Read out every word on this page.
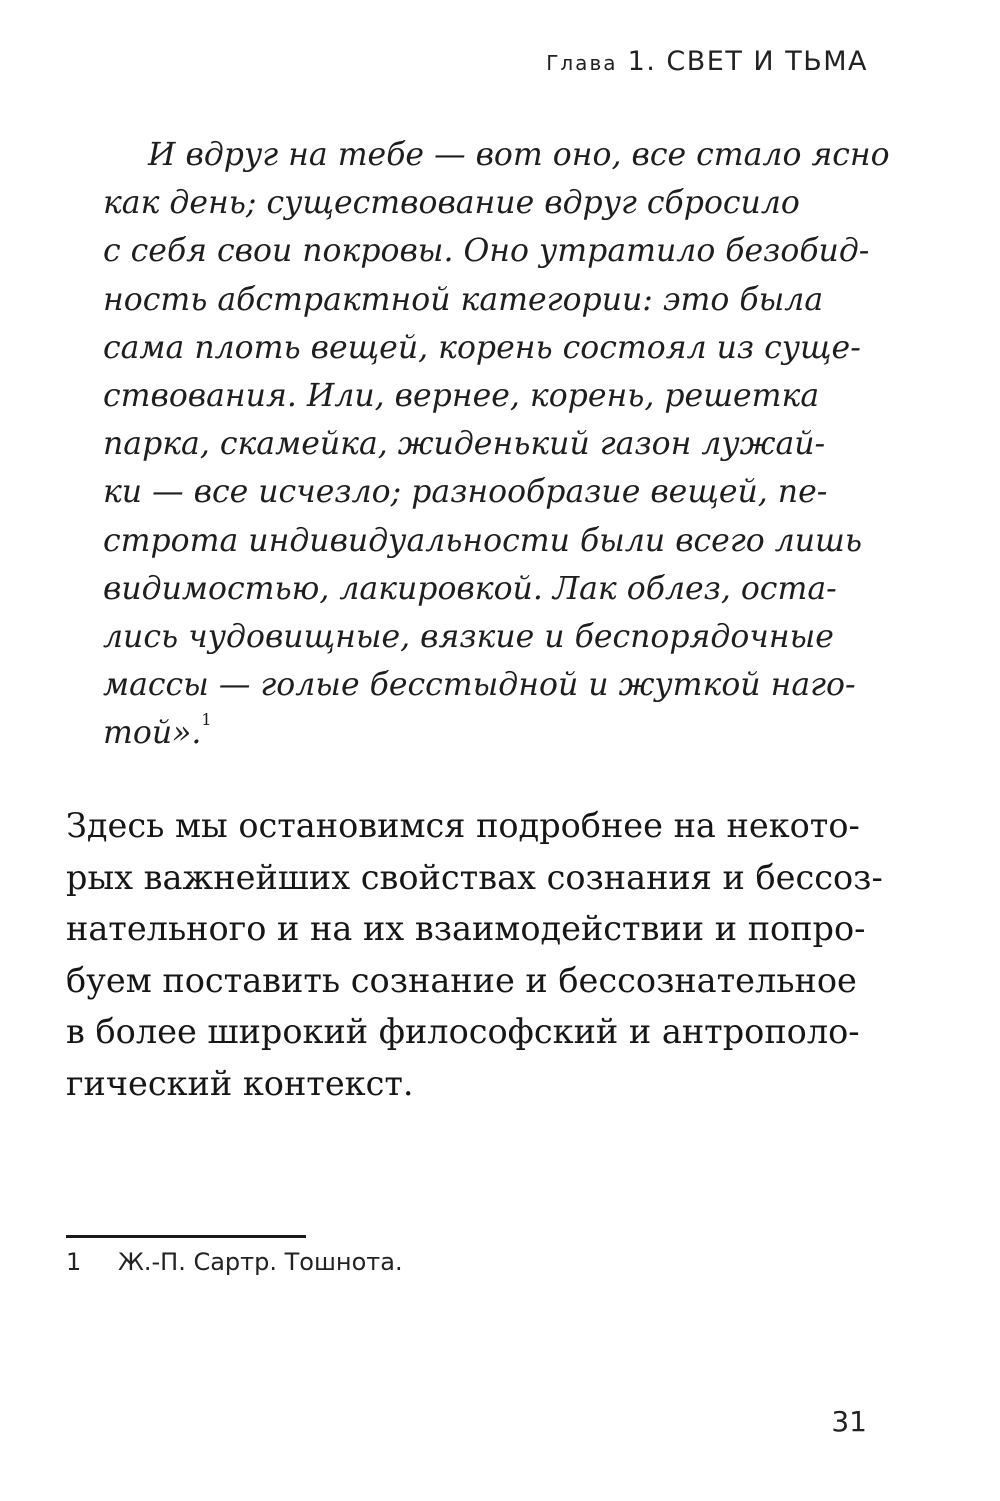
Глава 1. СВЕТ И ТЬМА
И вдруг на тебе — вот оно, все стало ясно
как день; существование вдруг сбросило
с себя свои покровы. Оно утратило безобид-
ность абстрактной категории: это была
сама плоть вещей, корень состоял из суще-
ствования. Или, вернее, корень, решетка
парка, скамейка, жиденький газон лужай-
ки — все исчезло; разнообразие вещей, пе-
строта индивидуальности были всего лишь
видимостью, лакировкой. Лак облез, оста-
лись чудовищные, вязкие и беспорядочные
массы — голые бесстыдной и жуткой наго-
той».$^1$
Здесь мы остановимся подробнее на некото-
рых важнейших свойствах сознания и бессоз-
нательного и на их взаимодействии и попро-
буем поставить сознание и бессознательное
в более широкий философский и антрополо-
гический контекст.
1 Ж.-П. Сартр. Тошнота.
31
